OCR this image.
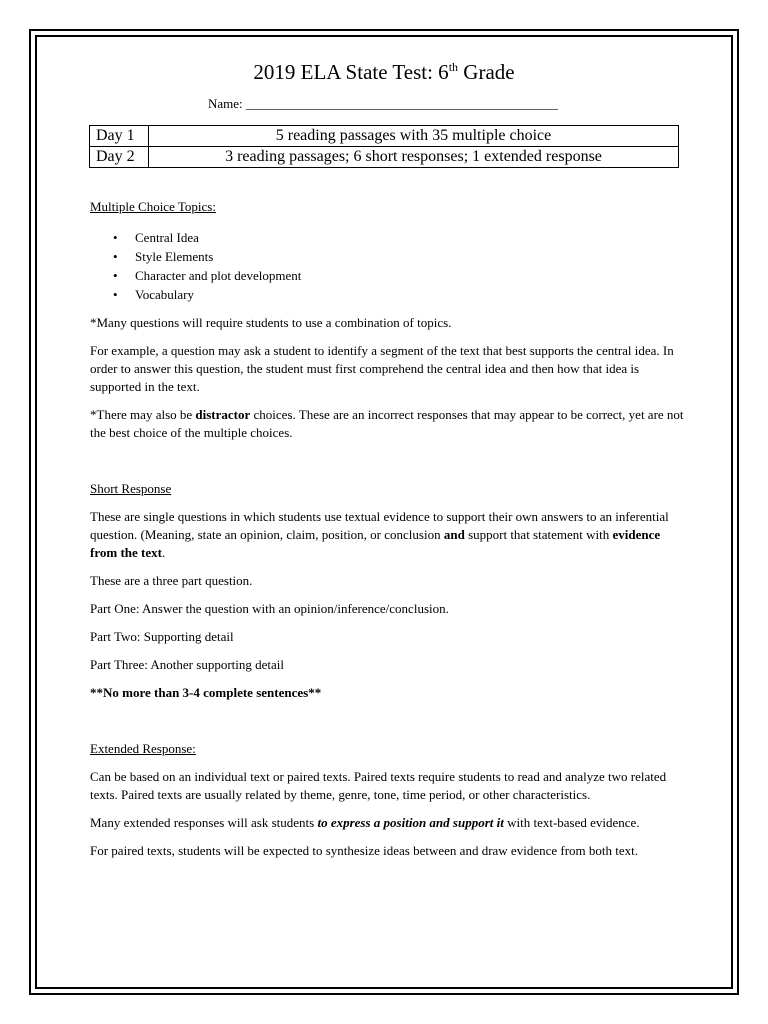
2019 ELA State Test: 6th Grade
Name: ________________________________________________
Day 1	5 reading passages with 35 multiple choice
Day 2	3 reading passages; 6 short responses; 1 extended response

Multiple Choice Topics:

• Central Idea
• Style Elements
• Character and plot development
• Vocabulary

*Many questions will require students to use a combination of topics.

For example, a question may ask a student to identify a segment of the text that best supports the central idea. In order to answer this question, the student must first comprehend the central idea and then how that idea is supported in the text.

*There may also be distractor choices. These are an incorrect responses that may appear to be correct, yet are not the best choice of the multiple choices.

Short Response

These are single questions in which students use textual evidence to support their own answers to an inferential question. (Meaning, state an opinion, claim, position, or conclusion and support that statement with evidence from the text.

These are a three part question.

Part One: Answer the question with an opinion/inference/conclusion.

Part Two: Supporting detail

Part Three: Another supporting detail

**No more than 3-4 complete sentences**

Extended Response:

Can be based on an individual text or paired texts. Paired texts require students to read and analyze two related texts. Paired texts are usually related by theme, genre, tone, time period, or other characteristics.

Many extended responses will ask students to express a position and support it with text-based evidence.

For paired texts, students will be expected to synthesize ideas between and draw evidence from both text.
